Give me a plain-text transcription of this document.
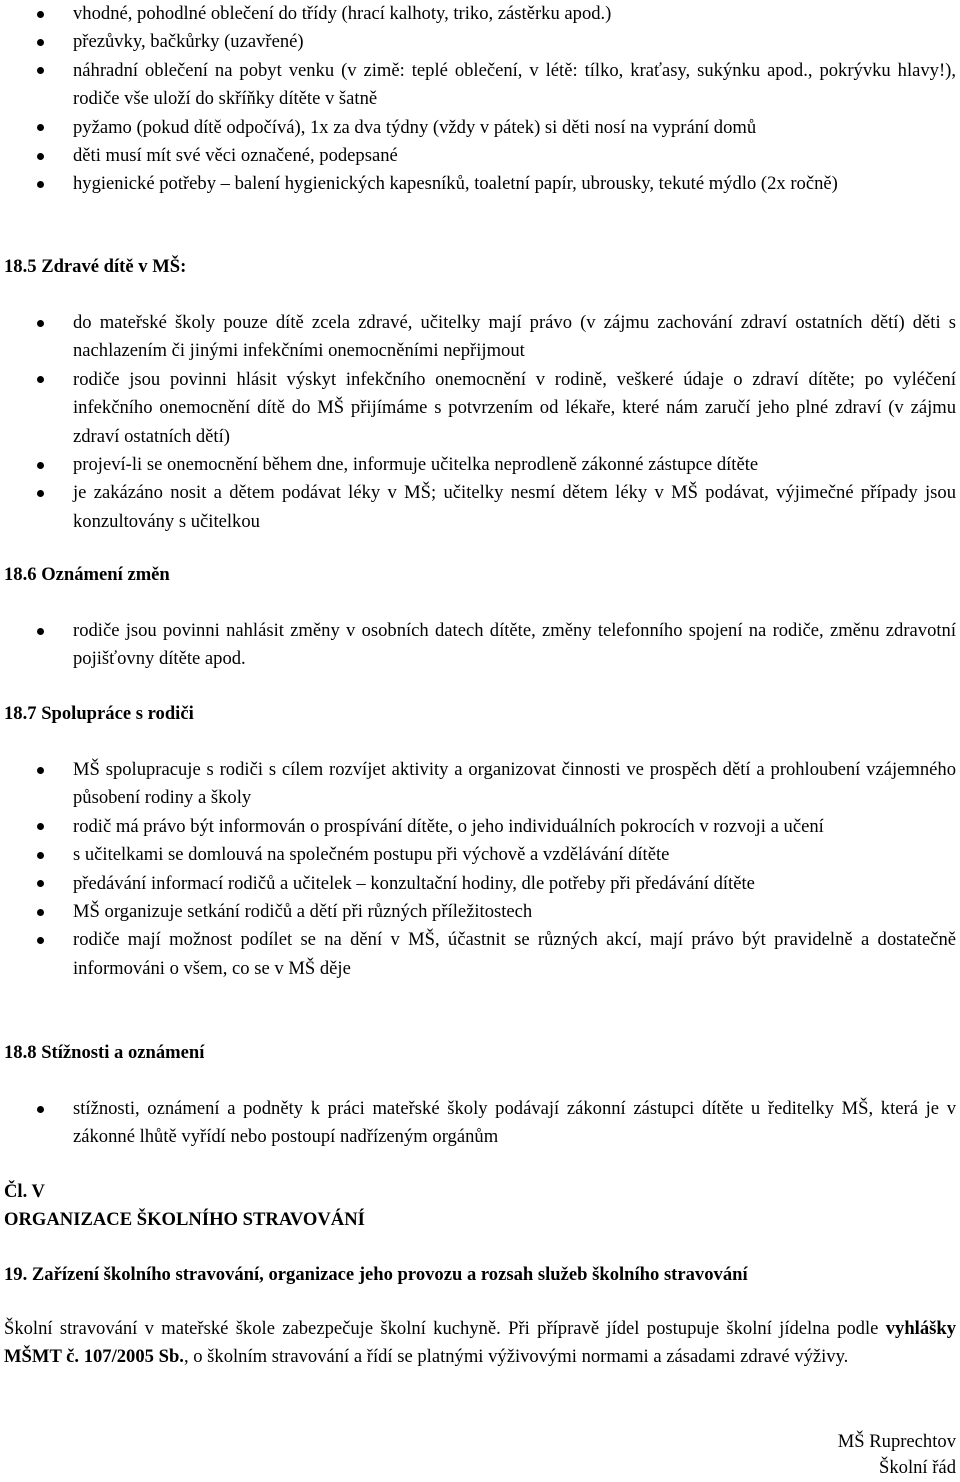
vhodné, pohodlné oblečení do třídy (hrací kalhoty, triko, zástěrku apod.)
přezůvky, bačkůrky (uzavřené)
náhradní oblečení na pobyt venku (v zimě: teplé oblečení, v létě: tílko, kraťasy, sukýnku apod., pokrývku hlavy!), rodiče vše uloží do skříňky dítěte v šatně
pyžamo (pokud dítě odpočívá), 1x za dva týdny (vždy v pátek) si děti nosí na vyprání domů
děti musí mít své věci označené, podepsané
hygienické potřeby – balení hygienických kapesníků, toaletní papír, ubrousky, tekuté mýdlo (2x ročně)
18.5 Zdravé dítě v MŠ:
do mateřské školy pouze dítě zcela zdravé, učitelky mají právo (v zájmu zachování zdraví ostatních dětí) děti s nachlazením či jinými infekčními onemocněními nepřijmout
rodiče jsou povinni hlásit výskyt infekčního onemocnění v rodině, veškeré údaje o zdraví dítěte; po vyléčení infekčního onemocnění dítě do MŠ přijímáme s potvrzením od lékaře, které nám zaručí jeho plné zdraví (v zájmu zdraví ostatních dětí)
projeví-li se onemocnění během dne, informuje učitelka neprodleně zákonné zástupce dítěte
je zakázáno nosit a dětem podávat léky v MŠ; učitelky nesmí dětem léky v MŠ podávat, výjimečné případy jsou konzultovány s učitelkou
18.6 Oznámení změn
rodiče jsou povinni nahlásit změny v osobních datech dítěte, změny telefonního spojení na rodiče, změnu zdravotní pojišťovny dítěte apod.
18.7 Spolupráce s rodiči
MŠ spolupracuje s rodiči s cílem rozvíjet aktivity a organizovat činnosti ve prospěch dětí a prohloubení vzájemného působení rodiny a školy
rodič má právo být informován o prospívání dítěte, o jeho individuálních pokrocích v rozvoji a učení
s učitelkami se domlouvá na společném postupu při výchově a vzdělávání dítěte
předávání informací rodičů a učitelek – konzultační hodiny, dle potřeby při předávání dítěte
MŠ organizuje setkání rodičů a dětí při různých příležitostech
rodiče mají možnost podílet se na dění v MŠ, účastnit se různých akcí, mají právo být pravidelně a dostatečně informováni o všem, co se v MŠ děje
18.8 Stížnosti a oznámení
stížnosti, oznámení a podněty k práci mateřské školy podávají zákonní zástupci dítěte u ředitelky MŠ, která je v zákonné lhůtě vyřídí nebo postoupí nadřízeným orgánům
Čl. V
ORGANIZACE ŠKOLNÍHO STRAVOVÁNÍ
19. Zařízení školního stravování, organizace jeho provozu a rozsah služeb školního stravování
Školní stravování v mateřské škole zabezpečuje školní kuchyně. Při přípravě jídel postupuje školní jídelna podle vyhlášky MŠMT č. 107/2005 Sb., o školním stravování a řídí se platnými výživovými normami a zásadami zdravé výživy.
MŠ Ruprechtov
Školní řád
